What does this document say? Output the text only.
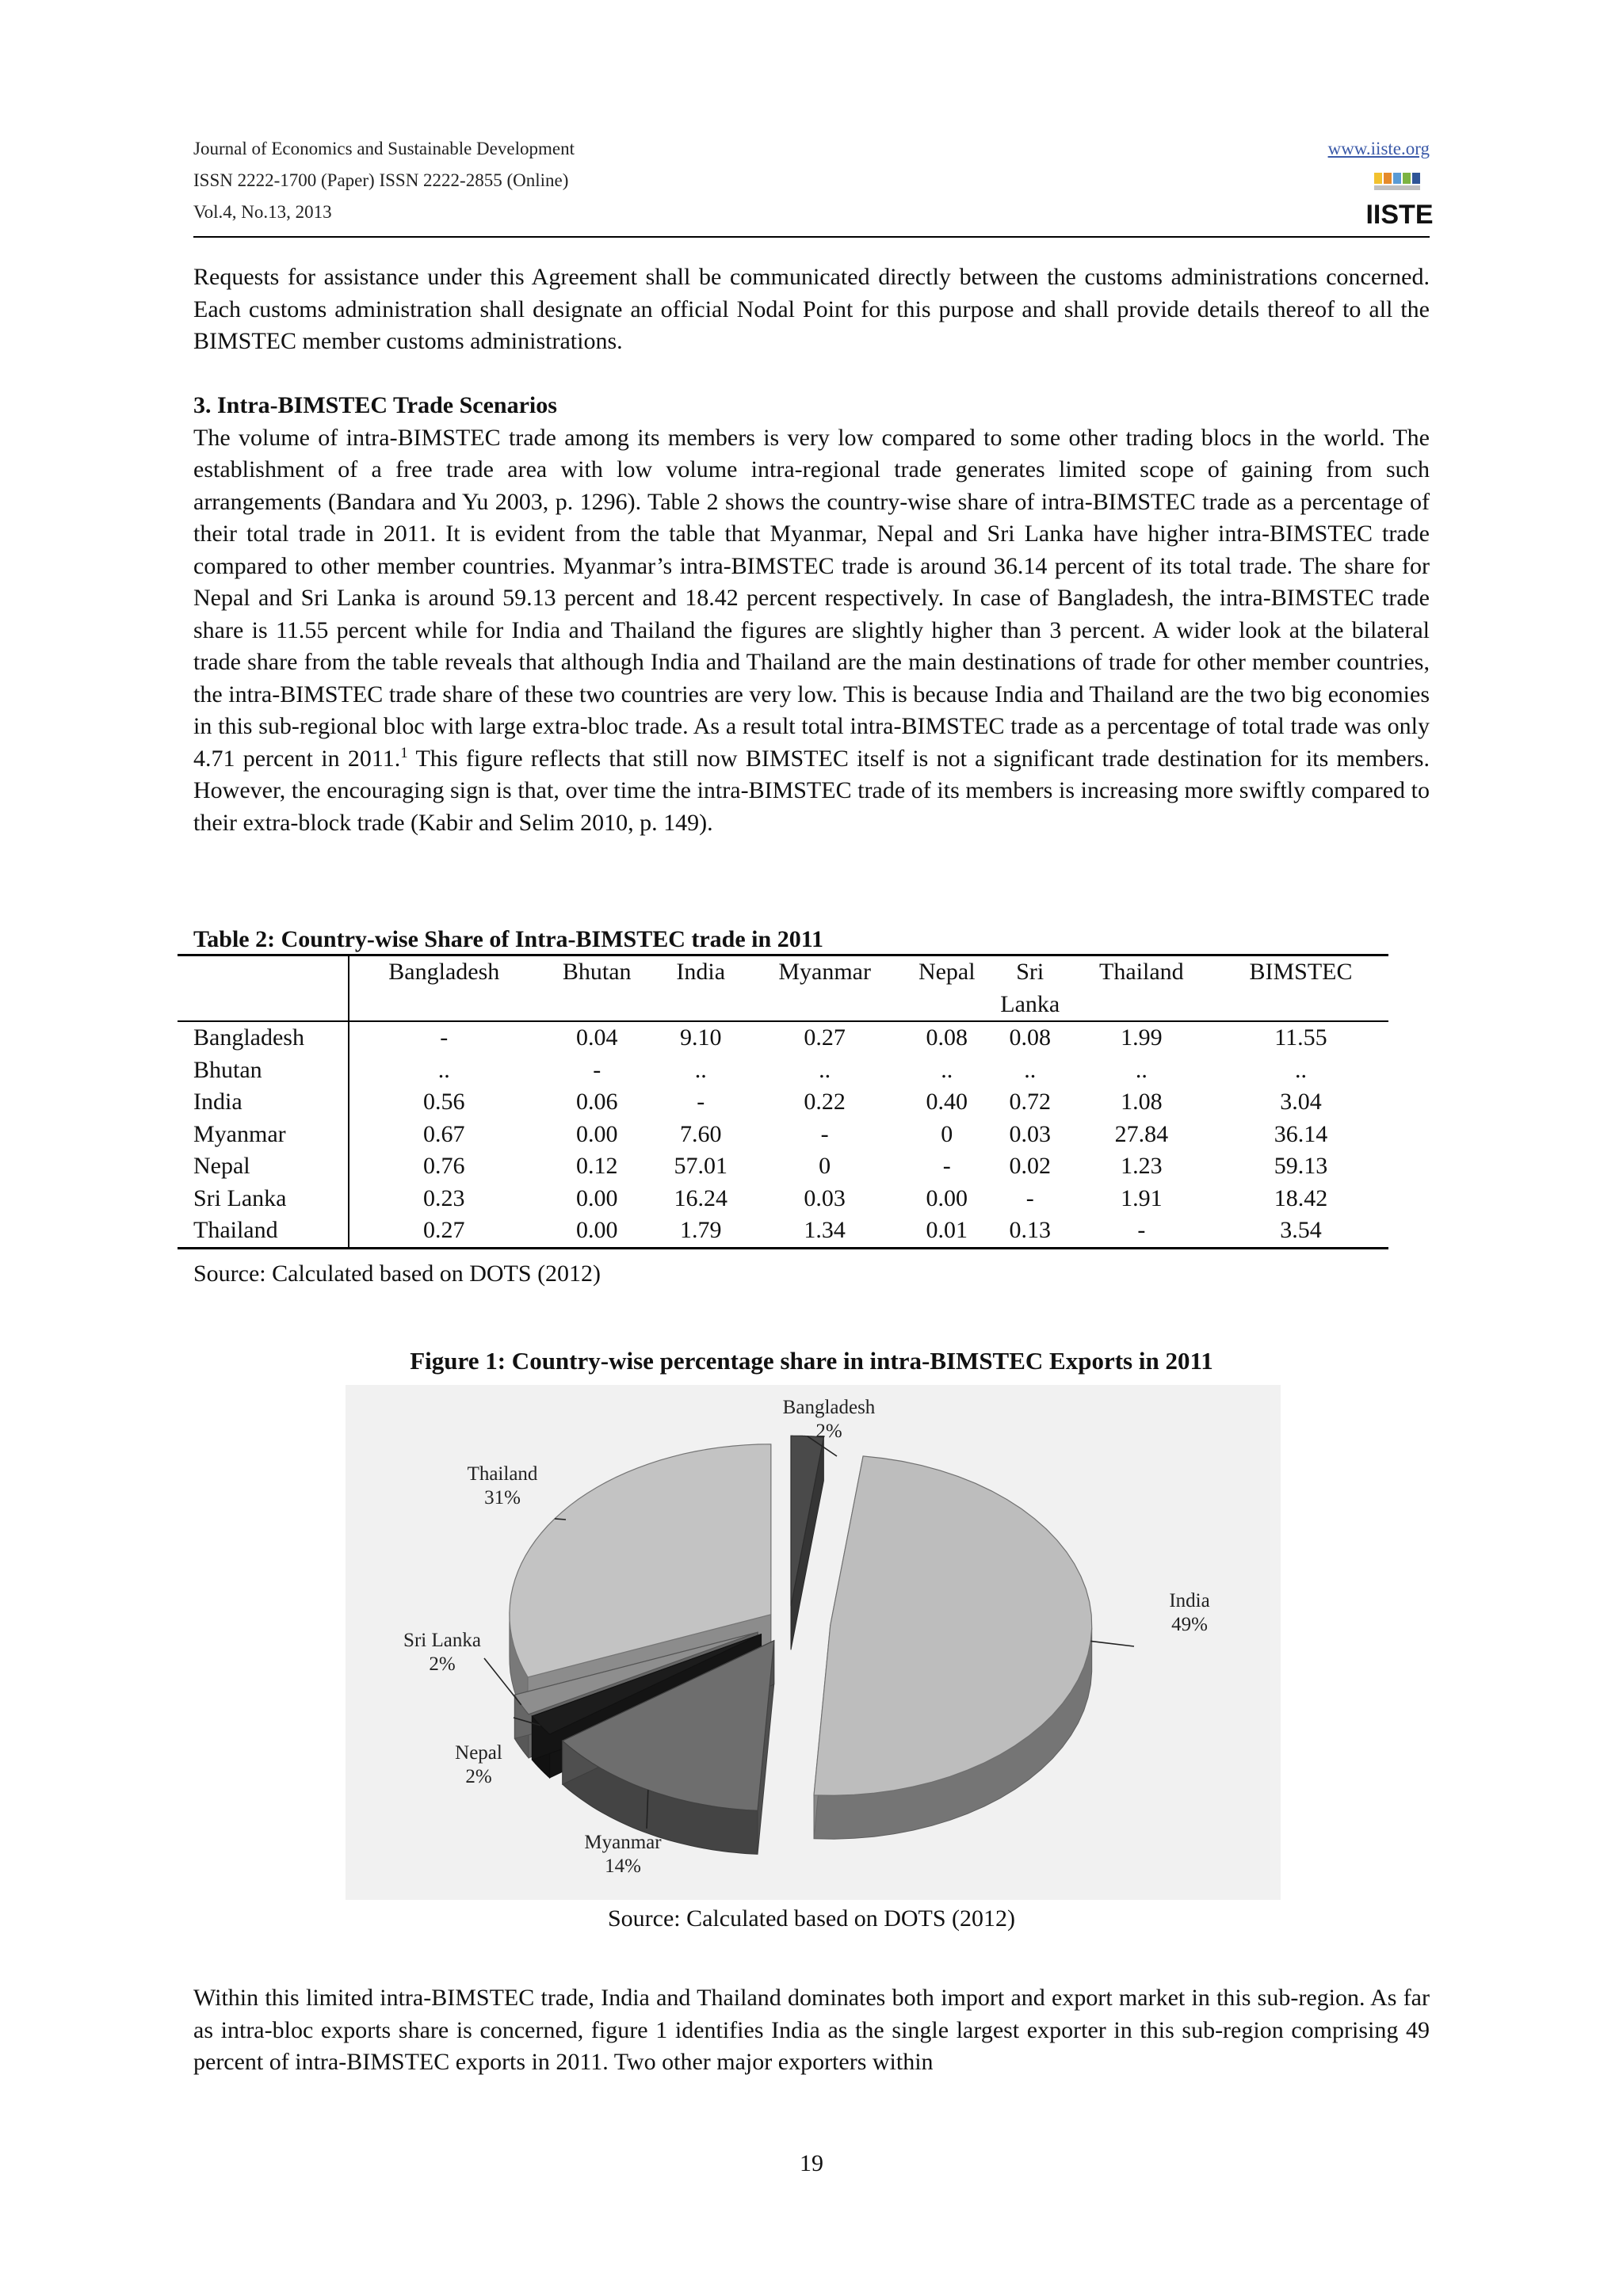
Journal of Economics and Sustainable Development
ISSN 2222-1700 (Paper) ISSN 2222-2855 (Online)
Vol.4, No.13, 2013
www.iiste.org
IISTE

Requests for assistance under this Agreement shall be communicated directly between the customs administrations concerned. Each customs administration shall designate an official Nodal Point for this purpose and shall provide details thereof to all the BIMSTEC member customs administrations.

3. Intra-BIMSTEC Trade Scenarios

The volume of intra-BIMSTEC trade among its members is very low compared to some other trading blocs in the world. The establishment of a free trade area with low volume intra-regional trade generates limited scope of gaining from such arrangements (Bandara and Yu 2003, p. 1296). Table 2 shows the country-wise share of intra-BIMSTEC trade as a percentage of their total trade in 2011. It is evident from the table that Myanmar, Nepal and Sri Lanka have higher intra-BIMSTEC trade compared to other member countries. Myanmar’s intra-BIMSTEC trade is around 36.14 percent of its total trade. The share for Nepal and Sri Lanka is around 59.13 percent and 18.42 percent respectively. In case of Bangladesh, the intra-BIMSTEC trade share is 11.55 percent while for India and Thailand the figures are slightly higher than 3 percent. A wider look at the bilateral trade share from the table reveals that although India and Thailand are the main destinations of trade for other member countries, the intra-BIMSTEC trade share of these two countries are very low. This is because India and Thailand are the two big economies in this sub-regional bloc with large extra-bloc trade. As a result total intra-BIMSTEC trade as a percentage of total trade was only 4.71 percent in 2011.$^1$ This figure reflects that still now BIMSTEC itself is not a significant trade destination for its members. However, the encouraging sign is that, over time the intra-BIMSTEC trade of its members is increasing more swiftly compared to their extra-block trade (Kabir and Selim 2010, p. 149).

Table 2: Country-wise Share of Intra-BIMSTEC trade in 2011
	Bangladesh	Bhutan	India	Myanmar	Nepal	Sri Lanka	Thailand	BIMSTEC
Bangladesh	-	0.04	9.10	0.27	0.08	0.08	1.99	11.55
Bhutan	..	-	..	..	..	..	..	..
India	0.56	0.06	-	0.22	0.40	0.72	1.08	3.04
Myanmar	0.67	0.00	7.60	-	0	0.03	27.84	36.14
Nepal	0.76	0.12	57.01	0	-	0.02	1.23	59.13
Sri Lanka	0.23	0.00	16.24	0.03	0.00	-	1.91	18.42
Thailand	0.27	0.00	1.79	1.34	0.01	0.13	-	3.54
Source: Calculated based on DOTS (2012)
Figure 1: Country-wise percentage share in intra-BIMSTEC Exports in 2011
Bangladesh
2%
India
49%
Myanmar
14%
Nepal
2%
Sri Lanka
2%
Thailand
31%
Source: Calculated based on DOTS (2012)

Within this limited intra-BIMSTEC trade, India and Thailand dominates both import and export market in this sub-region. As far as intra-bloc exports share is concerned, figure 1 identifies India as the single largest exporter in this sub-region comprising 49 percent of intra-BIMSTEC exports in 2011. Two other major exporters within

19
